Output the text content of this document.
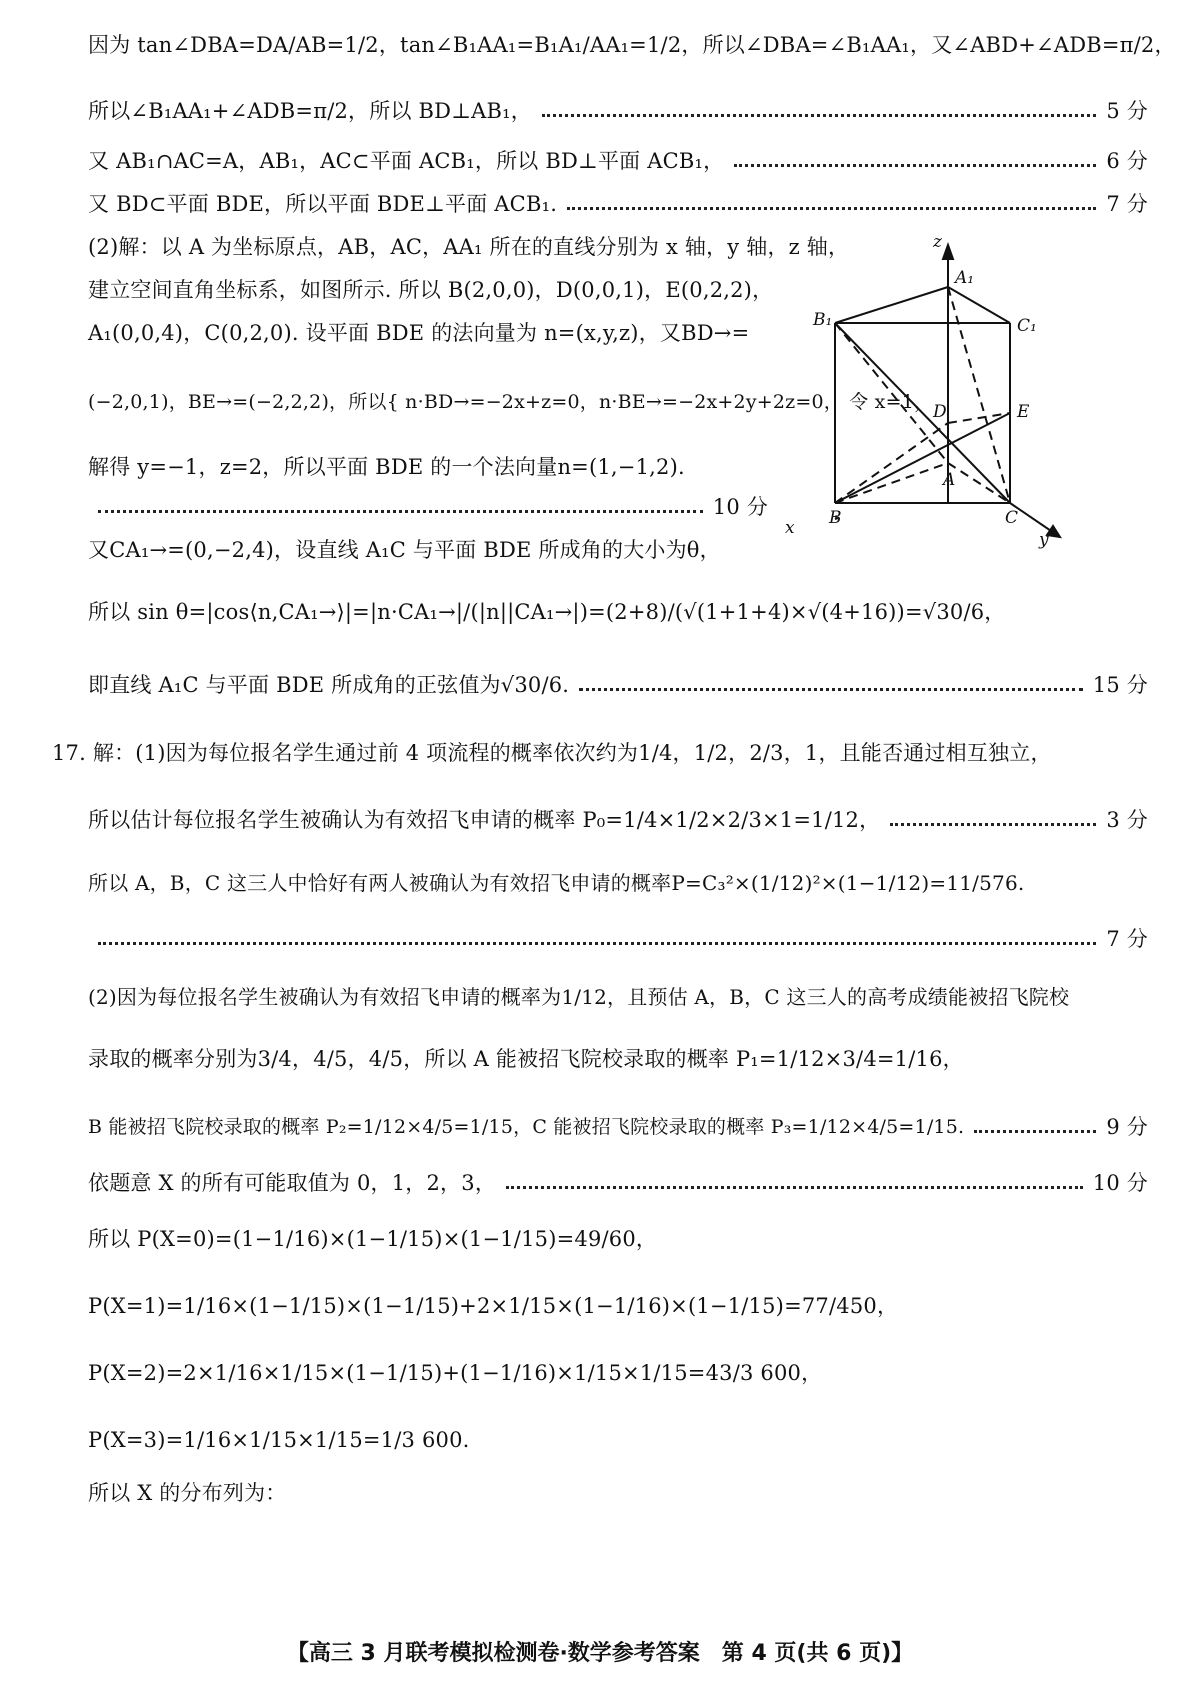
因为 tan∠DBA=DA/AB=1/2，tan∠B₁AA₁=B₁A₁/AA₁=1/2，所以∠DBA=∠B₁AA₁，又∠ABD+∠ADB=π/2，
所以∠B₁AA₁+∠ADB=π/2，所以 BD⊥AB₁，	5 分
又 AB₁∩AC=A，AB₁，AC⊂平面 ACB₁，所以 BD⊥平面 ACB₁，	6 分
又 BD⊂平面 BDE，所以平面 BDE⊥平面 ACB₁.	7 分
(2)解：以 A 为坐标原点，AB，AC，AA₁ 所在的直线分别为 x 轴，y 轴，z 轴，
建立空间直角坐标系，如图所示. 所以 B(2,0,0)，D(0,0,1)，E(0,2,2)，
A₁(0,0,4)，C(0,2,0). 设平面 BDE 的法向量为 n=(x,y,z)，又BD→=
(−2,0,1)，BE→=(−2,2,2)，所以{ n·BD→=−2x+z=0，n·BE→=−2x+2y+2z=0， 令 x=1，
解得 y=−1，z=2，所以平面 BDE 的一个法向量n=(1,−1,2).
10 分
又CA₁→=(0,−2,4)，设直线 A₁C 与平面 BDE 所成角的大小为θ，
所以 sin θ=|cos⟨n,CA₁→⟩|=|n·CA₁→|/(|n||CA₁→|)=(2+8)/(√(1+1+4)×√(4+16))=√30/6，
即直线 A₁C 与平面 BDE 所成角的正弦值为√30/6.	15 分
17. 解：(1)因为每位报名学生通过前 4 项流程的概率依次约为1/4，1/2，2/3，1，且能否通过相互独立，
所以估计每位报名学生被确认为有效招飞申请的概率 P₀=1/4×1/2×2/3×1=1/12，	3 分
所以 A，B，C 这三人中恰好有两人被确认为有效招飞申请的概率P=C₃²×(1/12)²×(1−1/12)=11/576.
7 分
(2)因为每位报名学生被确认为有效招飞申请的概率为1/12，且预估 A，B，C 这三人的高考成绩能被招飞院校
录取的概率分别为3/4，4/5，4/5，所以 A 能被招飞院校录取的概率 P₁=1/12×3/4=1/16，
B 能被招飞院校录取的概率 P₂=1/12×4/5=1/15，C 能被招飞院校录取的概率 P₃=1/12×4/5=1/15.	9 分
依题意 X 的所有可能取值为 0，1，2，3，	10 分
所以 P(X=0)=(1−1/16)×(1−1/15)×(1−1/15)=49/60，
P(X=1)=1/16×(1−1/15)×(1−1/15)+2×1/15×(1−1/16)×(1−1/15)=77/450，
P(X=2)=2×1/16×1/15×(1−1/15)+(1−1/16)×1/15×1/15=43/3 600，
P(X=3)=1/16×1/15×1/15=1/3 600.
所以 X 的分布列为：
z
A₁
B₁	C₁
D	E
A
B	C
y
x
【高三 3 月联考模拟检测卷·数学参考答案　第 4 页(共 6 页)】
